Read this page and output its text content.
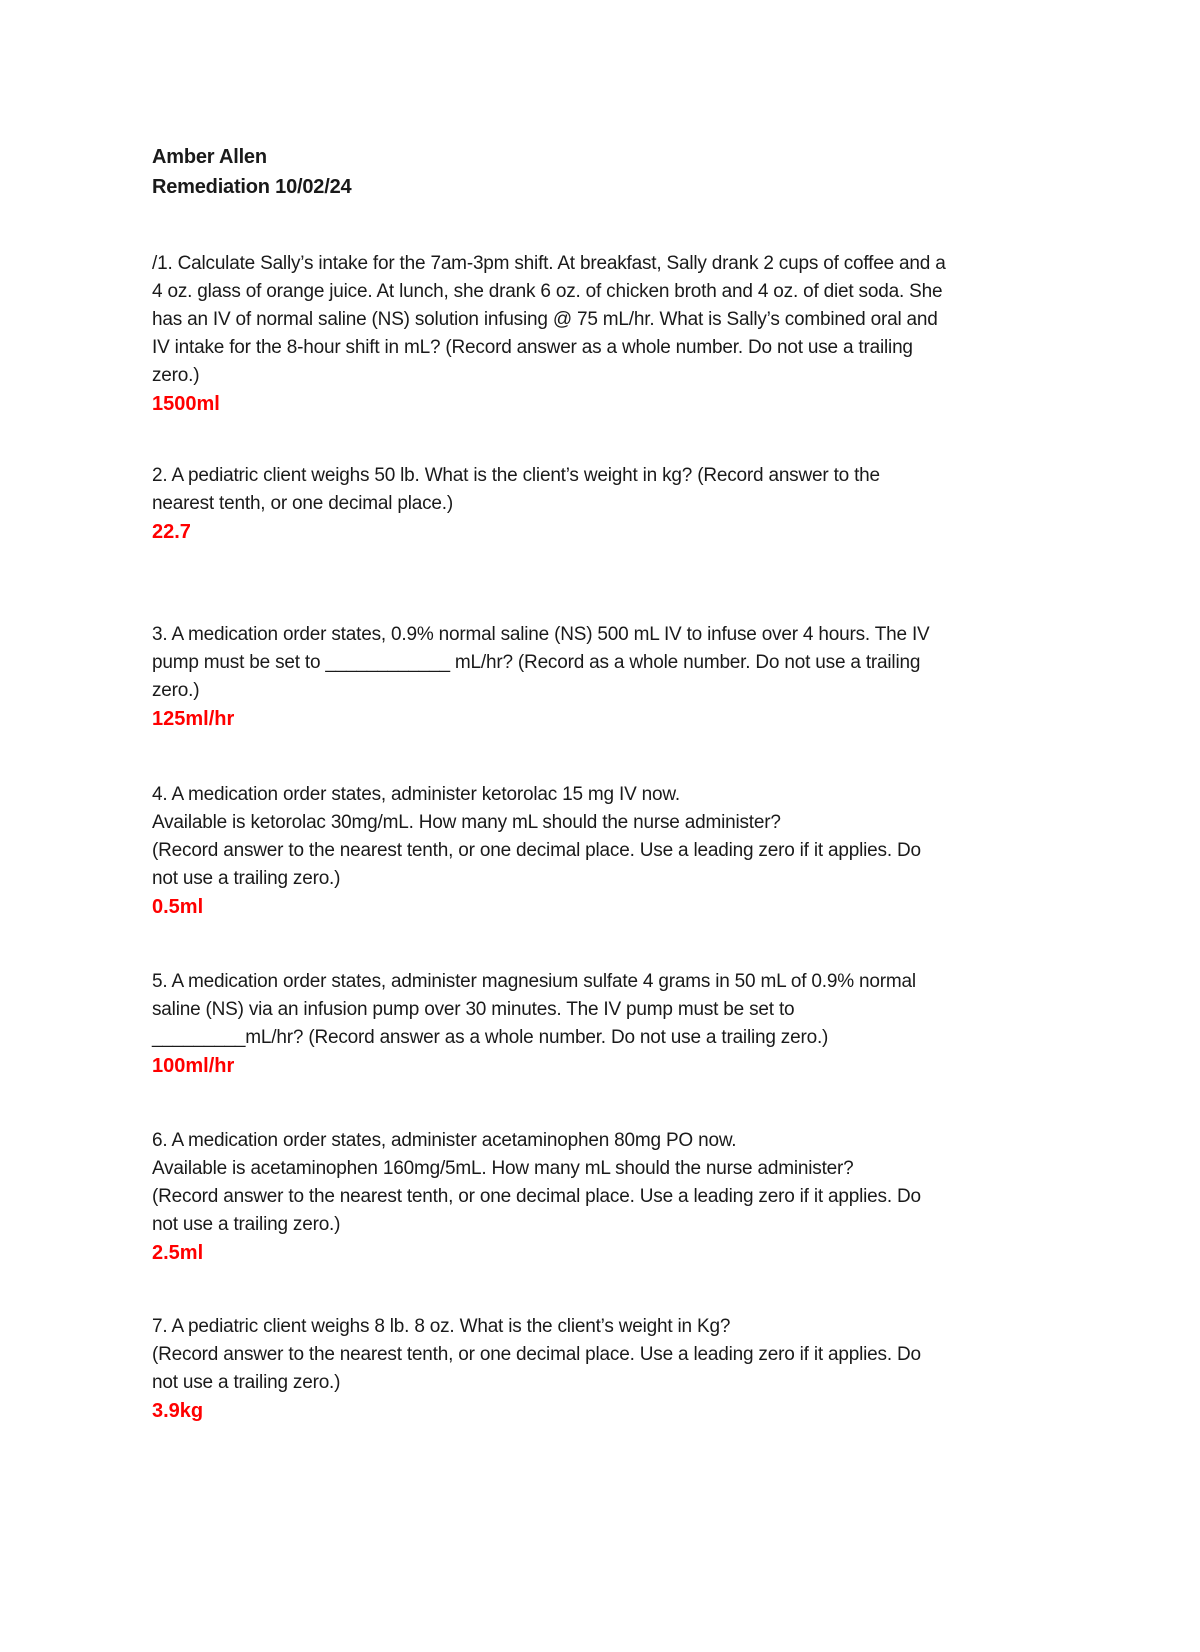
Amber Allen

Remediation 10/02/24

/1. Calculate Sally’s intake for the 7am-3pm shift. At breakfast, Sally drank 2 cups of coffee and a

4 oz. glass of orange juice. At lunch, she drank 6 oz. of chicken broth and 4 oz. of diet soda. She

has an IV of normal saline (NS) solution infusing @ 75 mL/hr. What is Sally’s combined oral and

IV intake for the 8-hour shift in mL? (Record answer as a whole number. Do not use a trailing

zero.)

1500ml

2. A pediatric client weighs 50 lb. What is the client’s weight in kg? (Record answer to the

nearest tenth, or one decimal place.)

22.7

3. A medication order states, 0.9% normal saline (NS) 500 mL IV to infuse over 4 hours. The IV

pump must be set to ____________ mL/hr? (Record as a whole number. Do not use a trailing

zero.)

125ml/hr

4. A medication order states, administer ketorolac 15 mg IV now.

Available is ketorolac 30mg/mL. How many mL should the nurse administer?

(Record answer to the nearest tenth, or one decimal place. Use a leading zero if it applies. Do

not use a trailing zero.)

0.5ml

5. A medication order states, administer magnesium sulfate 4 grams in 50 mL of 0.9% normal

saline (NS) via an infusion pump over 30 minutes. The IV pump must be set to

_________mL/hr? (Record answer as a whole number. Do not use a trailing zero.)

100ml/hr

6. A medication order states, administer acetaminophen 80mg PO now.

Available is acetaminophen 160mg/5mL. How many mL should the nurse administer?

(Record answer to the nearest tenth, or one decimal place. Use a leading zero if it applies. Do

not use a trailing zero.)

2.5ml

7. A pediatric client weighs 8 lb. 8 oz. What is the client’s weight in Kg?

(Record answer to the nearest tenth, or one decimal place. Use a leading zero if it applies. Do

not use a trailing zero.)

3.9kg
